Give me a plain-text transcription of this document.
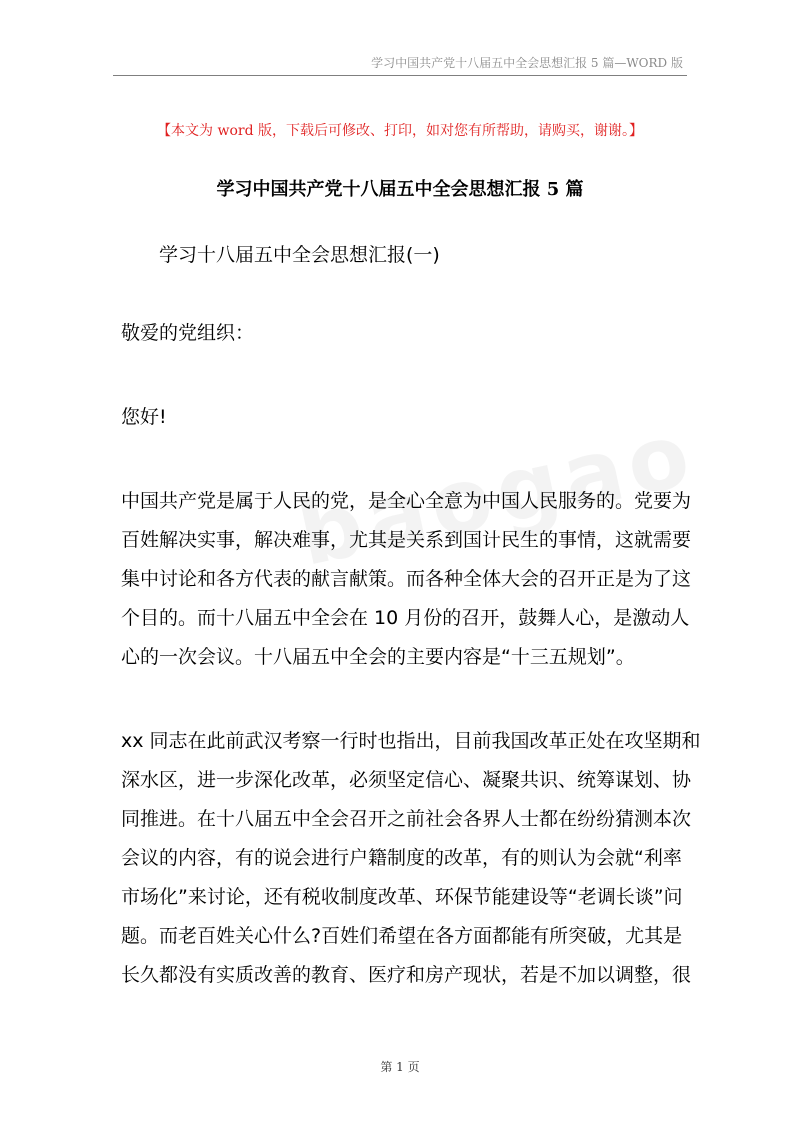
学习中国共产党十八届五中全会思想汇报 5 篇—WORD 版
【本文为 word 版，下载后可修改、打印，如对您有所帮助，请购买，谢谢。】
学习中国共产党十八届五中全会思想汇报 5 篇
学习十八届五中全会思想汇报(一)
敬爱的党组织：
您好!
中国共产党是属于人民的党，是全心全意为中国人民服务的。党要为
百姓解决实事，解决难事，尤其是关系到国计民生的事情，这就需要
集中讨论和各方代表的献言献策。而各种全体大会的召开正是为了这
个目的。而十八届五中全会在 10 月份的召开，鼓舞人心，是激动人
心的一次会议。十八届五中全会的主要内容是“十三五规划”。
xx 同志在此前武汉考察一行时也指出，目前我国改革正处在攻坚期和
深水区，进一步深化改革，必须坚定信心、凝聚共识、统筹谋划、协
同推进。在十八届五中全会召开之前社会各界人士都在纷纷猜测本次
会议的内容，有的说会进行户籍制度的改革，有的则认为会就“利率
市场化”来讨论，还有税收制度改革、环保节能建设等“老调长谈”问
题。而老百姓关心什么?百姓们希望在各方面都能有所突破，尤其是
长久都没有实质改善的教育、医疗和房产现状，若是不加以调整，很
第 1 页
